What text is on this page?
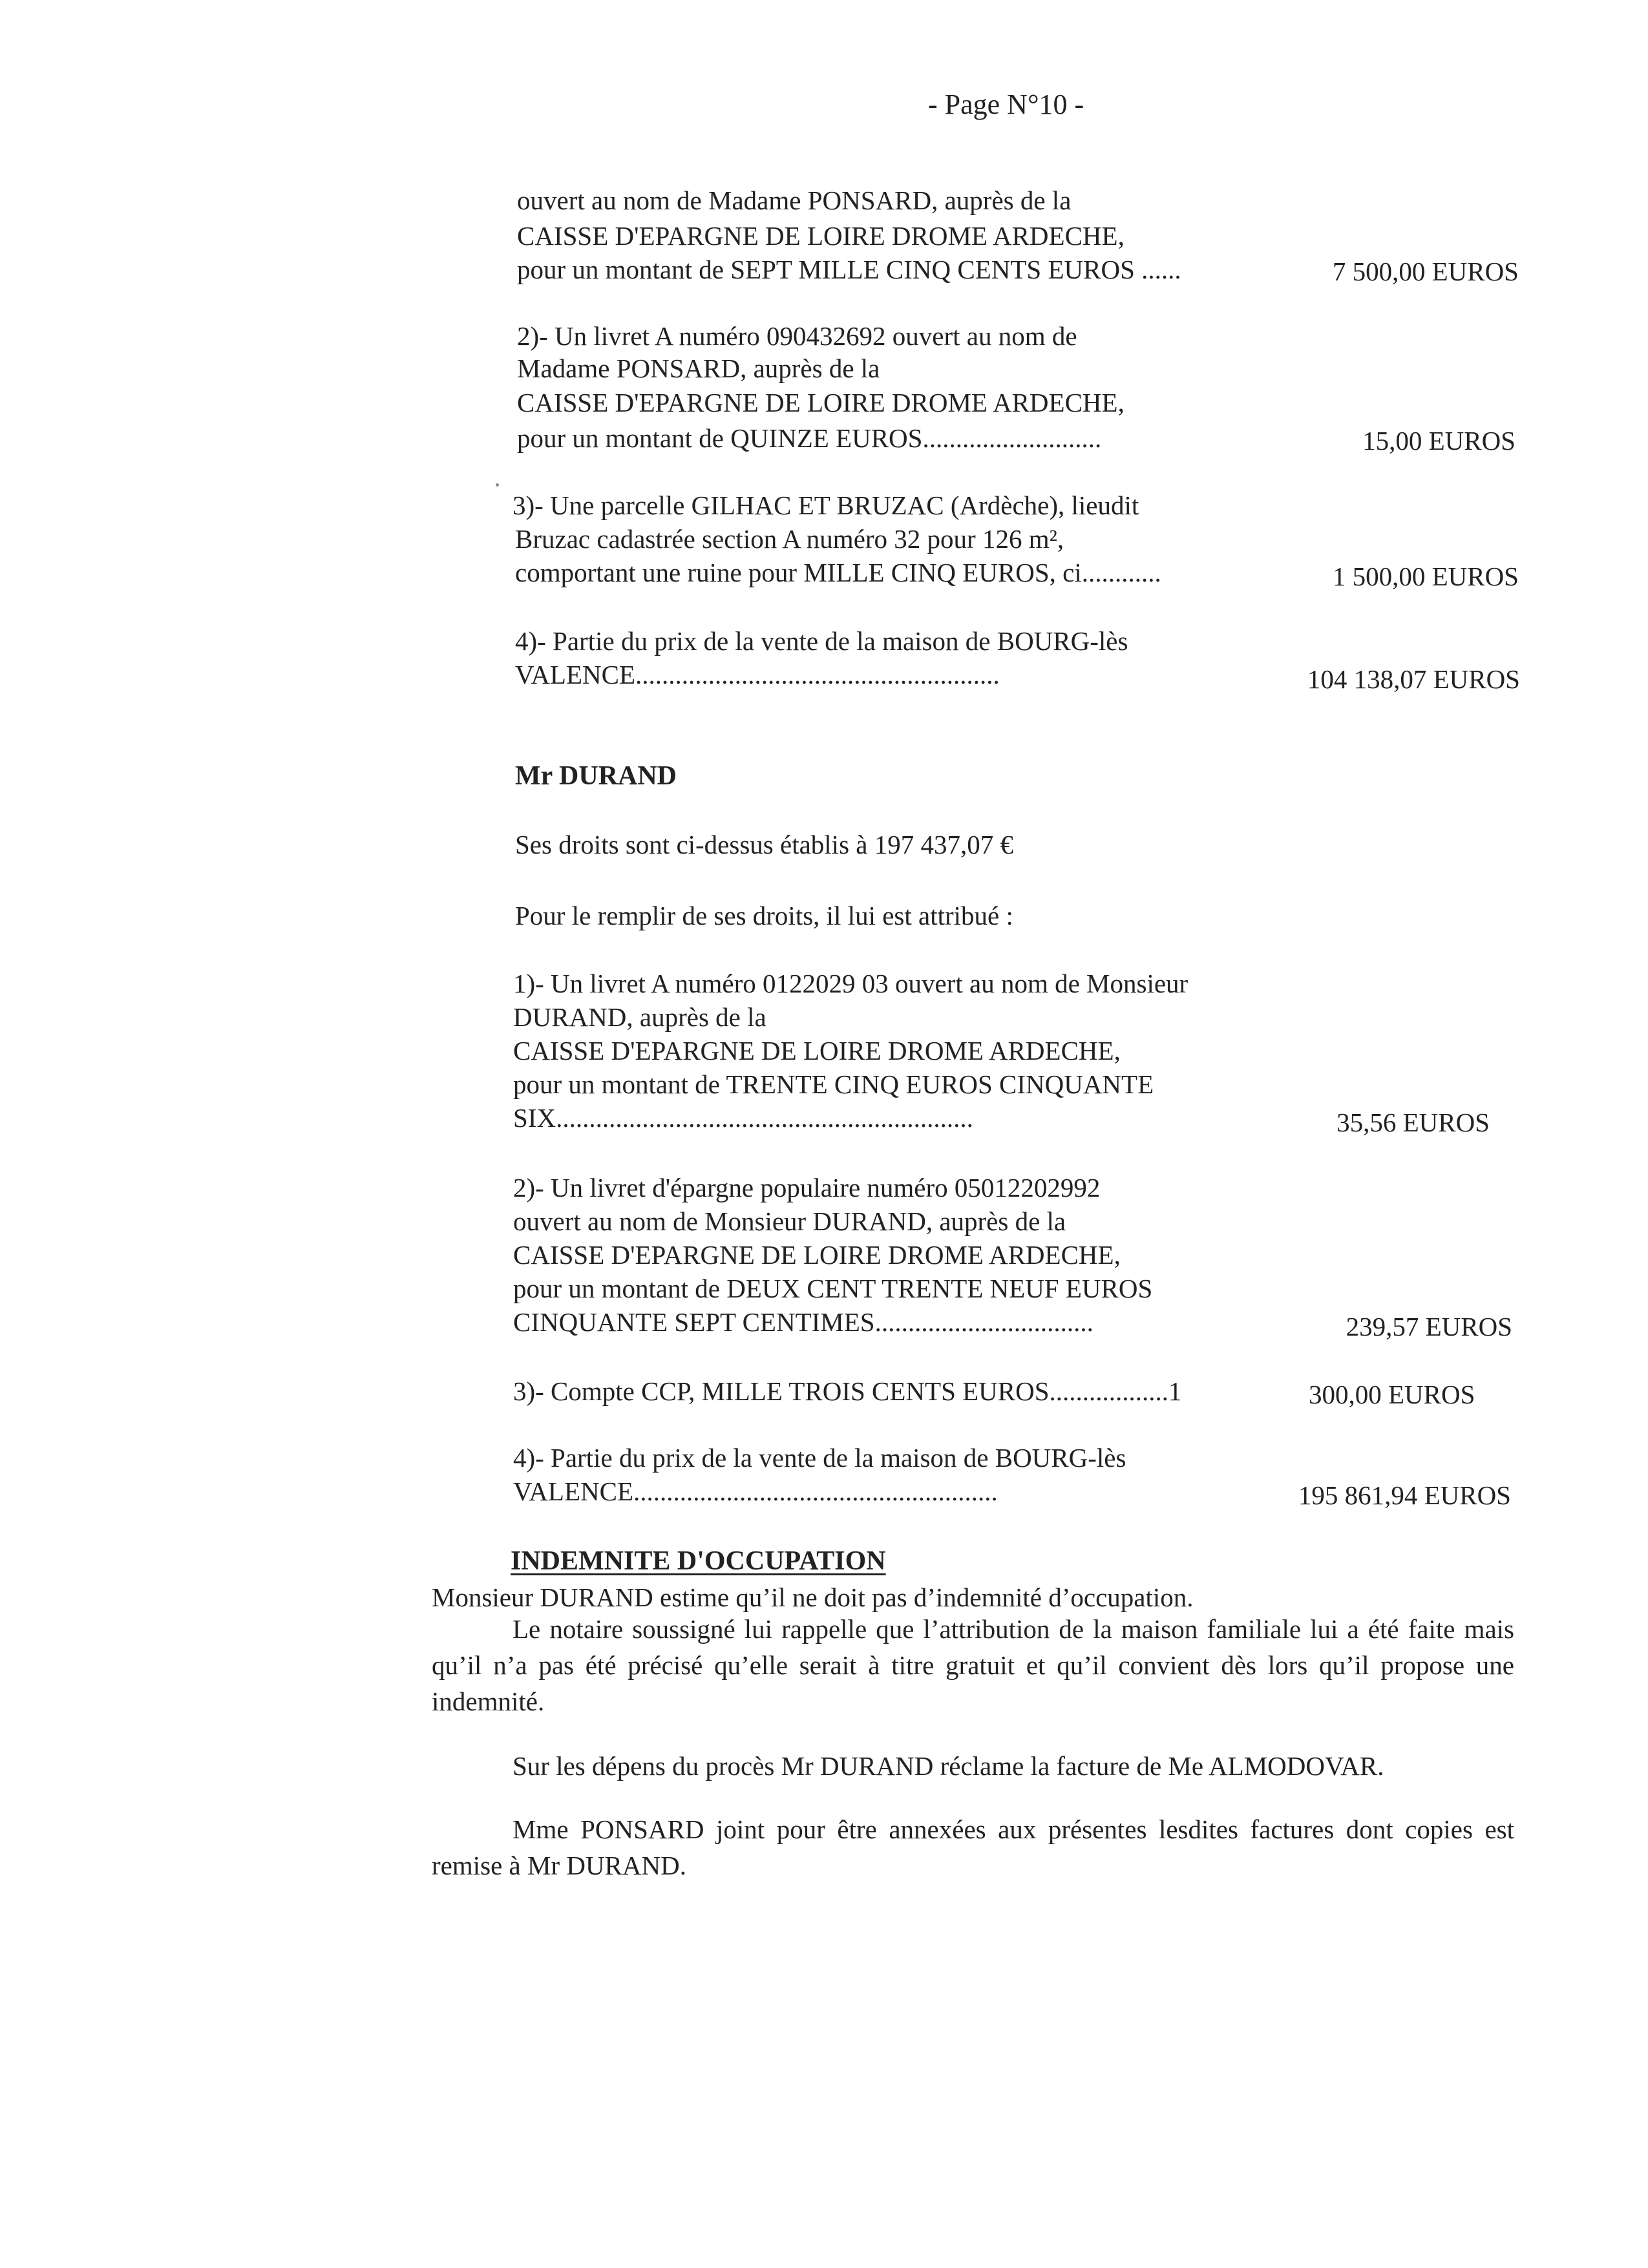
- Page N°10 -
ouvert au nom de Madame PONSARD, auprès de la
CAISSE D'EPARGNE DE LOIRE DROME ARDECHE,
pour un montant de SEPT MILLE CINQ CENTS EUROS ......	7 500,00 EUROS
2)- Un livret A numéro 090432692 ouvert au nom de
Madame PONSARD, auprès de la
CAISSE D'EPARGNE DE LOIRE DROME ARDECHE,
pour un montant de QUINZE EUROS...........................	15,00 EUROS
3)- Une parcelle GILHAC ET BRUZAC (Ardèche), lieudit
Bruzac cadastrée section A numéro 32 pour 126 m²,
comportant une ruine pour MILLE CINQ EUROS, ci............	1 500,00 EUROS
4)- Partie du prix de la vente de la maison de BOURG-lès
VALENCE.......................................................	104 138,07 EUROS
Mr DURAND
Ses droits sont ci-dessus établis à 197 437,07 €
Pour le remplir de ses droits, il lui est attribué :
1)- Un livret A numéro 0122029 03 ouvert au nom de Monsieur
DURAND, auprès de la
CAISSE D'EPARGNE DE LOIRE DROME ARDECHE,
pour un montant de TRENTE CINQ EUROS CINQUANTE
SIX...............................................................	35,56 EUROS
2)- Un livret d'épargne populaire numéro 05012202992
ouvert au nom de Monsieur DURAND, auprès de la
CAISSE D'EPARGNE DE LOIRE DROME ARDECHE,
pour un montant de DEUX CENT TRENTE NEUF EUROS
CINQUANTE SEPT CENTIMES.................................	239,57 EUROS
3)- Compte CCP, MILLE TROIS CENTS EUROS..................1	300,00 EUROS
4)- Partie du prix de la vente de la maison de BOURG-lès
VALENCE.......................................................	195 861,94 EUROS
INDEMNITE D'OCCUPATION
Monsieur DURAND estime qu’il ne doit pas d’indemnité d’occupation.
Le notaire soussigné lui rappelle que l’attribution de la maison familiale lui a été faite mais qu’il n’a pas été précisé qu’elle serait à titre gratuit et qu’il convient dès lors qu’il propose une indemnité.
Sur les dépens du procès Mr DURAND réclame la facture de Me ALMODOVAR.
Mme PONSARD joint pour être annexées aux présentes lesdites factures dont copies est remise à Mr DURAND.
